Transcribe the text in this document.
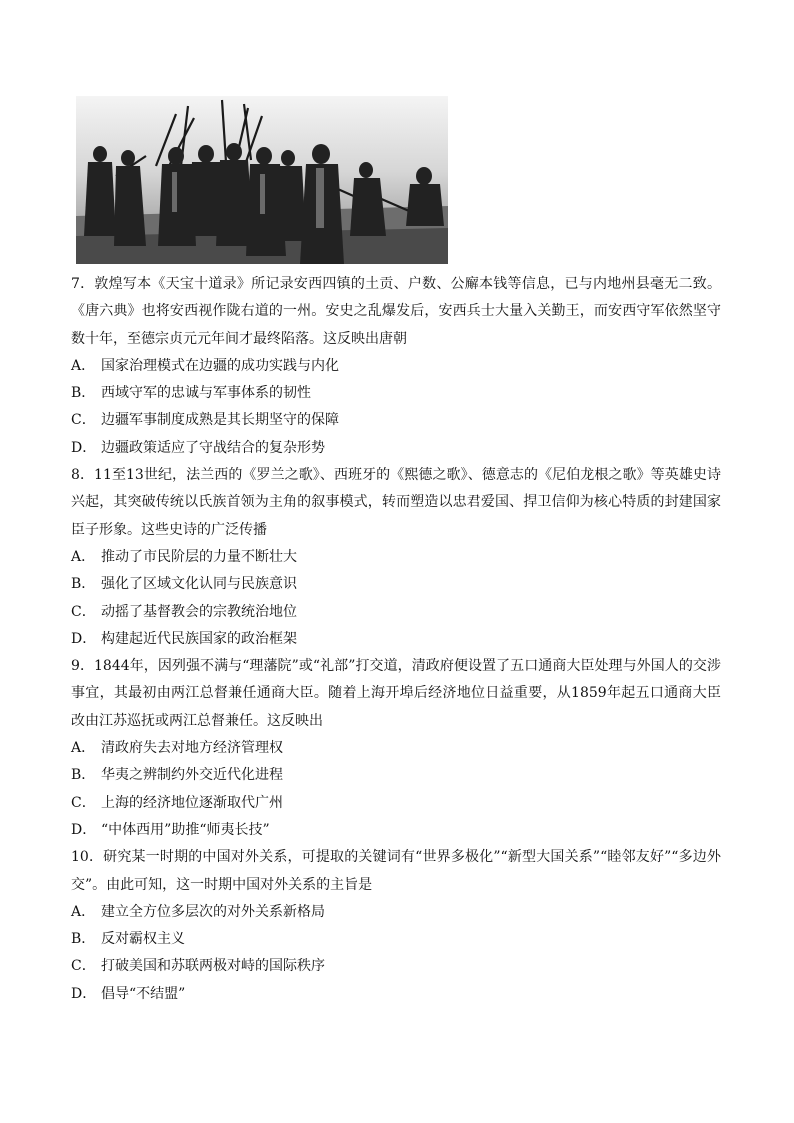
7．敦煌写本《天宝十道录》所记录安西四镇的土贡、户数、公廨本钱等信息，已与内地州县毫无二致。《唐六典》也将安西视作陇右道的一州。安史之乱爆发后，安西兵士大量入关勤王，而安西守军依然坚守数十年，至德宗贞元元年间才最终陷落。这反映出唐朝

A． 国家治理模式在边疆的成功实践与内化

B． 西域守军的忠诚与军事体系的韧性

C． 边疆军事制度成熟是其长期坚守的保障

D． 边疆政策适应了守战结合的复杂形势

8．11至13世纪，法兰西的《罗兰之歌》、西班牙的《熙德之歌》、德意志的《尼伯龙根之歌》等英雄史诗兴起，其突破传统以氏族首领为主角的叙事模式，转而塑造以忠君爱国、捍卫信仰为核心特质的封建国家臣子形象。这些史诗的广泛传播

A． 推动了市民阶层的力量不断壮大

B． 强化了区域文化认同与民族意识

C． 动摇了基督教会的宗教统治地位

D． 构建起近代民族国家的政治框架

9．1844年，因列强不满与“理藩院”或“礼部”打交道，清政府便设置了五口通商大臣处理与外国人的交涉事宜，其最初由两江总督兼任通商大臣。随着上海开埠后经济地位日益重要，从1859年起五口通商大臣改由江苏巡抚或两江总督兼任。这反映出

A． 清政府失去对地方经济管理权

B． 华夷之辨制约外交近代化进程

C． 上海的经济地位逐渐取代广州

D． “中体西用”助推“师夷长技”

10．研究某一时期的中国对外关系，可提取的关键词有“世界多极化”“新型大国关系”“睦邻友好”“多边外交”。由此可知，这一时期中国对外关系的主旨是

A． 建立全方位多层次的对外关系新格局

B． 反对霸权主义

C． 打破美国和苏联两极对峙的国际秩序

D． 倡导“不结盟”
